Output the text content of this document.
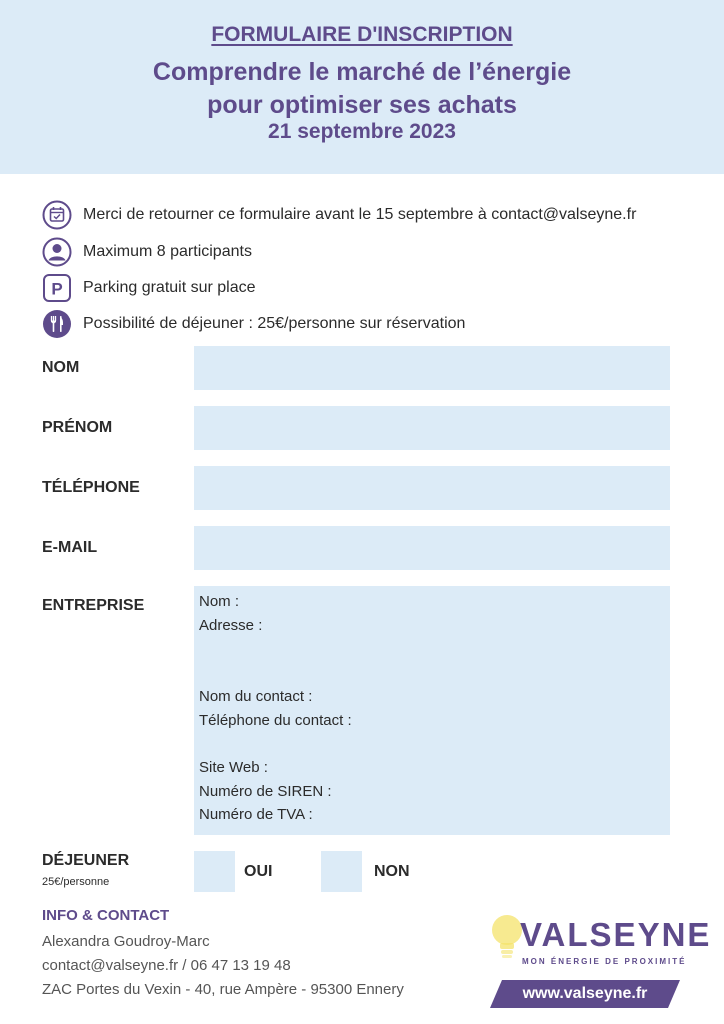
FORMULAIRE D'INSCRIPTION
Comprendre le marché de l’énergie
pour optimiser ses achats
21 septembre 2023
Merci de retourner ce formulaire avant le 15 septembre à contact@valseyne.fr
Maximum 8 participants
P Parking gratuit sur place
Possibilité de déjeuner : 25€/personne sur réservation
NOM
PRÉNOM
TÉLÉPHONE
E-MAIL
ENTREPRISE	Nom :
Adresse :
Nom du contact :
Téléphone du contact :
Site Web :
Numéro de SIREN :
Numéro de TVA :
DÉJEUNER
25€/personne
OUI	NON
INFO & CONTACT
Alexandra Goudroy-Marc
contact@valseyne.fr / 06 47 13 19 48
ZAC Portes du Vexin - 40, rue Ampère - 95300 Ennery
VALSEYNE
MON ÉNERGIE DE PROXIMITÉ
www.valseyne.fr
